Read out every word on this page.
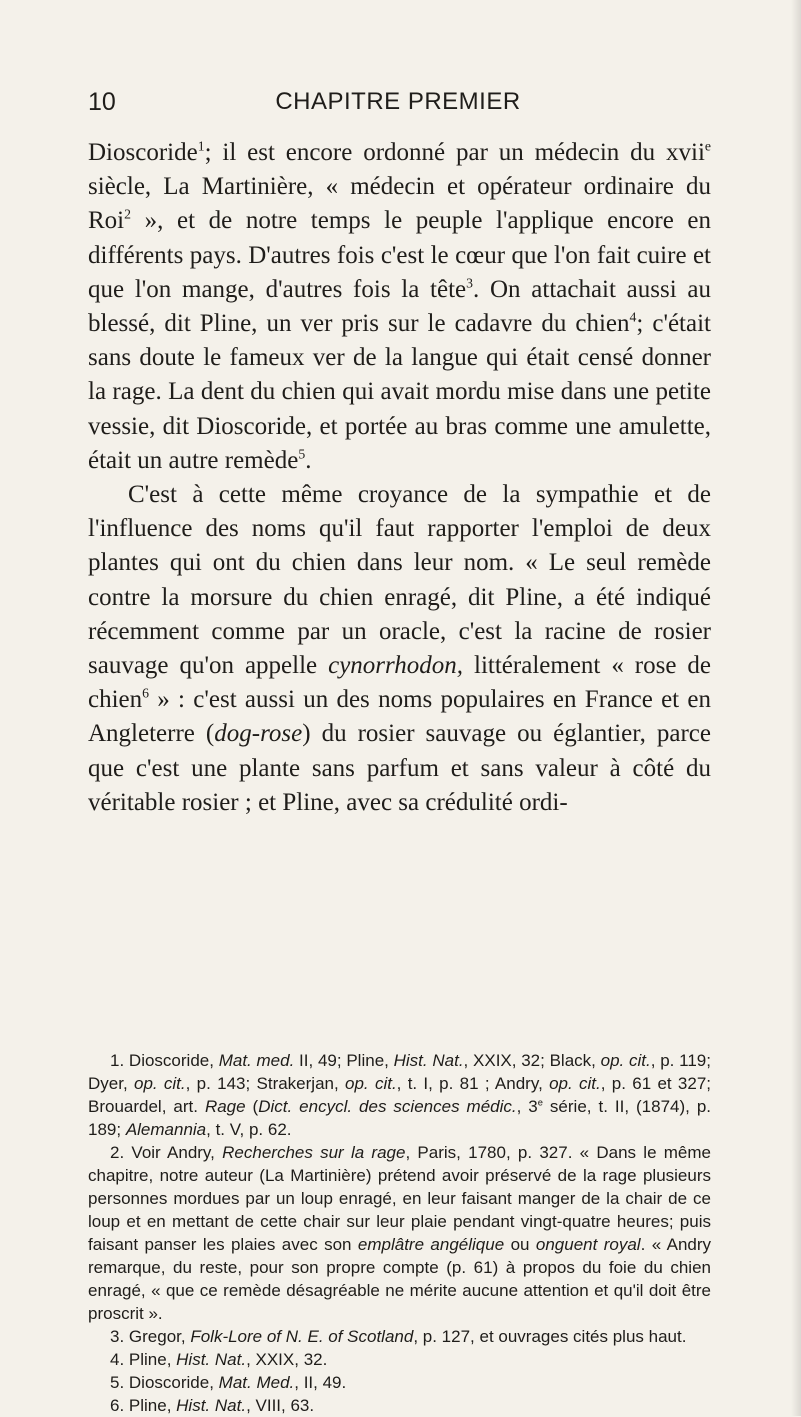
10	CHAPITRE PREMIER

Dioscoride$^1$; il est encore ordonné par un médecin du xvii$^e$ siècle, La Martinière, « médecin et opérateur ordinaire du Roi$^2$ », et de notre temps le peuple l'applique encore en différents pays. D'autres fois c'est le cœur que l'on fait cuire et que l'on mange, d'autres fois la tête$^3$. On attachait aussi au blessé, dit Pline, un ver pris sur le cadavre du chien$^4$; c'était sans doute le fameux ver de la langue qui était censé donner la rage. La dent du chien qui avait mordu mise dans une petite vessie, dit Dioscoride, et portée au bras comme une amulette, était un autre remède$^5$.

C'est à cette même croyance de la sympathie et de l'influence des noms qu'il faut rapporter l'emploi de deux plantes qui ont du chien dans leur nom. « Le seul remède contre la morsure du chien enragé, dit Pline, a été indiqué récemment comme par un oracle, c'est la racine de rosier sauvage qu'on appelle cynorrhodon, littéralement « rose de chien$^6$ » : c'est aussi un des noms populaires en France et en Angleterre (dog-rose) du rosier sauvage ou églantier, parce que c'est une plante sans parfum et sans valeur à côté du véritable rosier ; et Pline, avec sa crédulité ordi-

1. Dioscoride, Mat. med. II, 49; Pline, Hist. Nat., XXIX, 32; Black, op. cit., p. 119; Dyer, op. cit., p. 143; Strakerjan, op. cit., t. I, p. 81 ; Andry, op. cit., p. 61 et 327; Brouardel, art. Rage (Dict. encycl. des sciences médic., 3e série, t. II, (1874), p. 189; Alemannia, t. V, p. 62.

2. Voir Andry, Recherches sur la rage, Paris, 1780, p. 327. « Dans le même chapitre, notre auteur (La Martinière) prétend avoir préservé de la rage plusieurs personnes mordues par un loup enragé, en leur faisant manger de la chair de ce loup et en mettant de cette chair sur leur plaie pendant vingt-quatre heures; puis faisant panser les plaies avec son emplâtre angélique ou onguent royal. « Andry remarque, du reste, pour son propre compte (p. 61) à propos du foie du chien enragé, « que ce remède désagréable ne mérite aucune attention et qu'il doit être proscrit ».

3. Gregor, Folk-Lore of N. E. of Scotland, p. 127, et ouvrages cités plus haut.

4. Pline, Hist. Nat., XXIX, 32.

5. Dioscoride, Mat. Med., II, 49.

6. Pline, Hist. Nat., VIII, 63.
